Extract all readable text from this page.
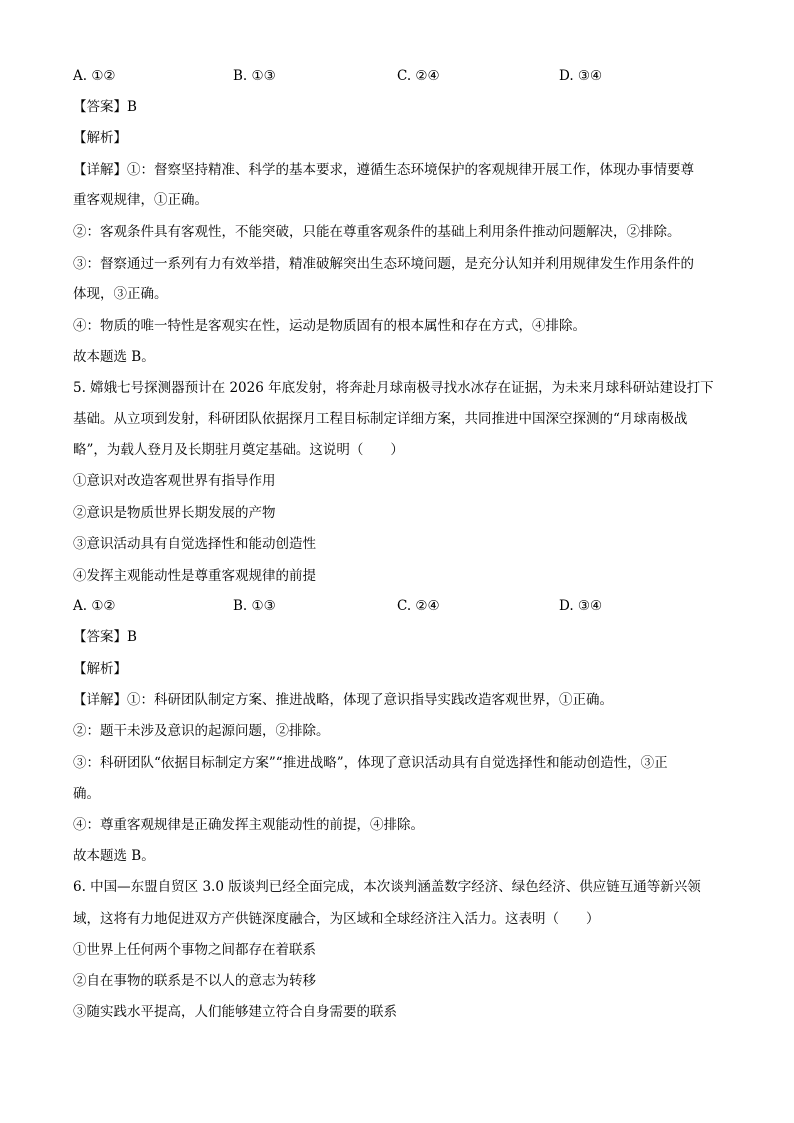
A. ①②	B. ①③	C. ②④	D. ③④
【答案】B
【解析】
【详解】①：督察坚持精准、科学的基本要求，遵循生态环境保护的客观规律开展工作，体现办事情要尊
重客观规律，①正确。
②：客观条件具有客观性，不能突破，只能在尊重客观条件的基础上利用条件推动问题解决，②排除。
③：督察通过一系列有力有效举措，精准破解突出生态环境问题，是充分认知并利用规律发生作用条件的
体现，③正确。
④：物质的唯一特性是客观实在性，运动是物质固有的根本属性和存在方式，④排除。
故本题选 B。
5. 嫦娥七号探测器预计在 2026 年底发射，将奔赴月球南极寻找水冰存在证据，为未来月球科研站建设打下
基础。从立项到发射，科研团队依据探月工程目标制定详细方案，共同推进中国深空探测的“月球南极战
略”，为载人登月及长期驻月奠定基础。这说明（　　）
①意识对改造客观世界有指导作用
②意识是物质世界长期发展的产物
③意识活动具有自觉选择性和能动创造性
④发挥主观能动性是尊重客观规律的前提
A. ①②	B. ①③	C. ②④	D. ③④
【答案】B
【解析】
【详解】①：科研团队制定方案、推进战略，体现了意识指导实践改造客观世界，①正确。
②：题干未涉及意识的起源问题，②排除。
③：科研团队“依据目标制定方案”“推进战略”，体现了意识活动具有自觉选择性和能动创造性，③正
确。
④：尊重客观规律是正确发挥主观能动性的前提，④排除。
故本题选 B。
6. 中国—东盟自贸区 3.0 版谈判已经全面完成，本次谈判涵盖数字经济、绿色经济、供应链互通等新兴领
域，这将有力地促进双方产供链深度融合，为区域和全球经济注入活力。这表明（　　）
①世界上任何两个事物之间都存在着联系
②自在事物的联系是不以人的意志为转移
③随实践水平提高，人们能够建立符合自身需要的联系
